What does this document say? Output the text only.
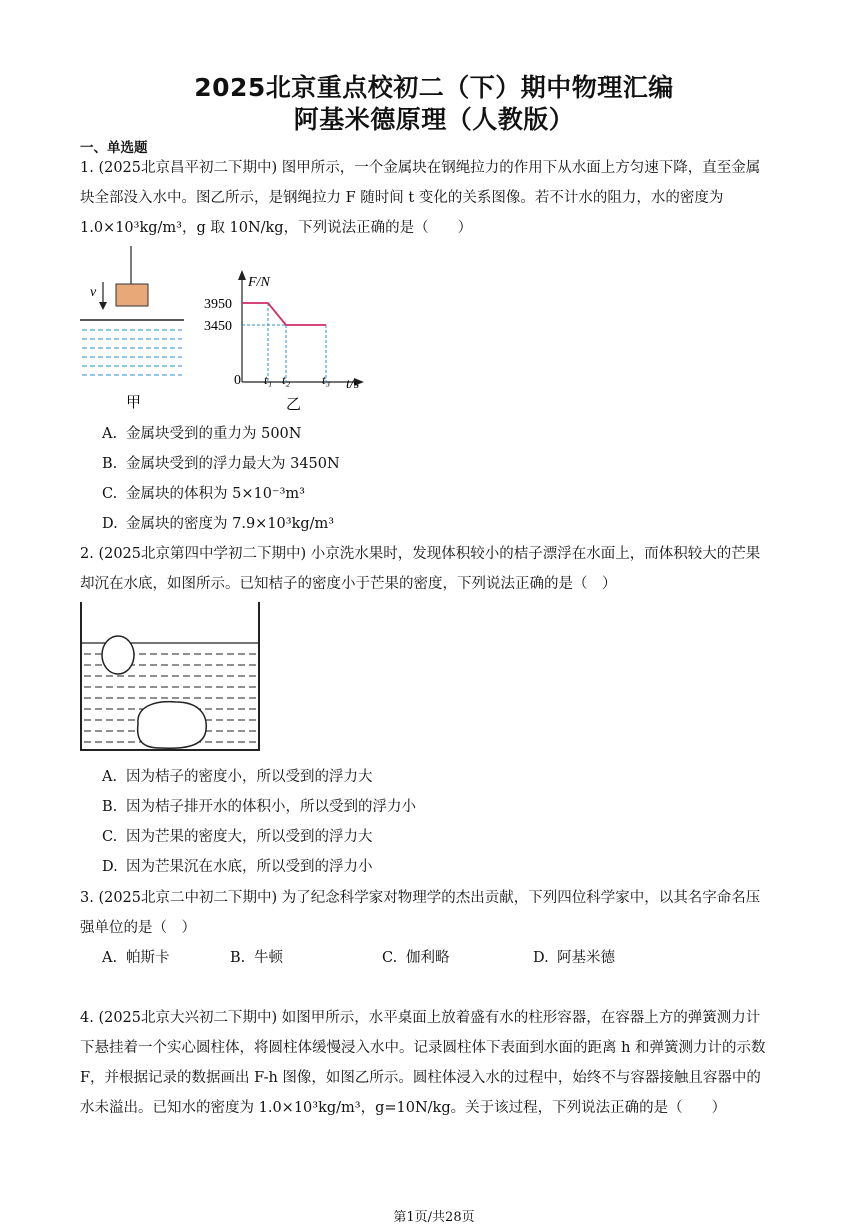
2025北京重点校初二（下）期中物理汇编
阿基米德原理（人教版）
一、单选题
1. (2025北京昌平初二下期中) 图甲所示，一个金属块在钢绳拉力的作用下从水面上方匀速下降，直至金属
块全部没入水中。图乙所示，是钢绳拉力 F 随时间 t 变化的关系图像。若不计水的阻力，水的密度为
1.0×10³kg/m³，g 取 10N/kg，下列说法正确的是（　　）
v
甲
F/N
t/s
0
3950
3450
t₁ t₂ t₃
乙
A. 金属块受到的重力为 500N
B. 金属块受到的浮力最大为 3450N
C. 金属块的体积为 5×10⁻³m³
D. 金属块的密度为 7.9×10³kg/m³
2. (2025北京第四中学初二下期中) 小京洗水果时，发现体积较小的桔子漂浮在水面上，而体积较大的芒果
却沉在水底，如图所示。已知桔子的密度小于芒果的密度，下列说法正确的是（　）
A. 因为桔子的密度小，所以受到的浮力大
B. 因为桔子排开水的体积小，所以受到的浮力小
C. 因为芒果的密度大，所以受到的浮力大
D. 因为芒果沉在水底，所以受到的浮力小
3. (2025北京二中初二下期中) 为了纪念科学家对物理学的杰出贡献，下列四位科学家中，以其名字命名压
强单位的是（　）
A. 帕斯卡	B. 牛顿	C. 伽利略	D. 阿基米德
4. (2025北京大兴初二下期中) 如图甲所示，水平桌面上放着盛有水的柱形容器，在容器上方的弹簧测力计
下悬挂着一个实心圆柱体，将圆柱体缓慢浸入水中。记录圆柱体下表面到水面的距离 h 和弹簧测力计的示数
F，并根据记录的数据画出 F-h 图像，如图乙所示。圆柱体浸入水的过程中，始终不与容器接触且容器中的
水未溢出。已知水的密度为 1.0×10³kg/m³，g=10N/kg。关于该过程，下列说法正确的是（　　）
第1页/共28页
